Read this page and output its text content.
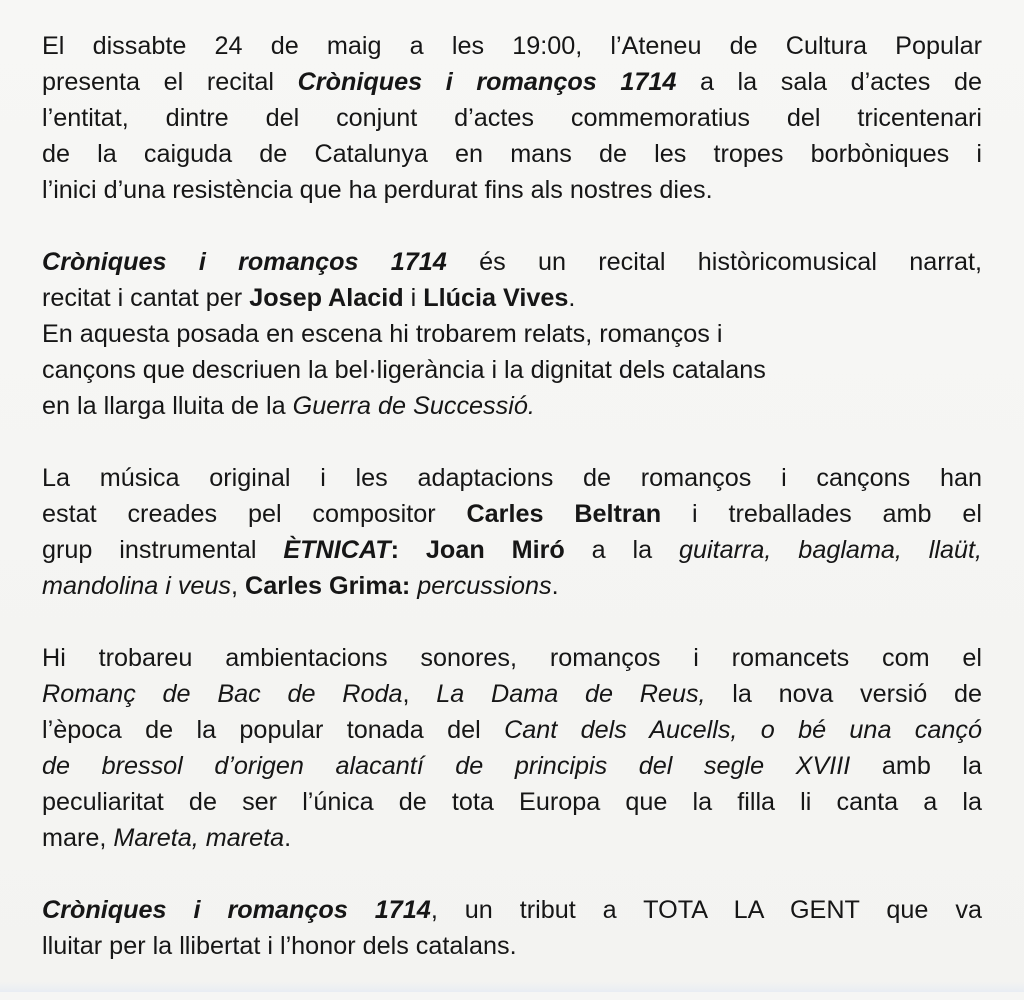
El dissabte 24 de maig a les 19:00, l’Ateneu de Cultura Popular
presenta el recital Cròniques i romanços 1714 a la sala d’actes de
l’entitat, dintre del conjunt d’actes commemoratius del tricentenari
de la caiguda de Catalunya en mans de les tropes borbòniques i
l’inici d’una resistència que ha perdurat fins als nostres dies.
Cròniques i romanços 1714 és un recital històricomusical narrat,
recitat i cantat per Josep Alacid i Llúcia Vives.
En aquesta posada en escena hi trobarem relats, romanços i
cançons que descriuen la bel·ligerància i la dignitat dels catalans
en la llarga lluita de la Guerra de Successió.
La música original i les adaptacions de romanços i cançons han
estat creades pel compositor Carles Beltran i treballades amb el
grup instrumental ÈTNICAT: Joan Miró a la guitarra, baglama, llaüt,
mandolina i veus, Carles Grima: percussions.
Hi trobareu ambientacions sonores, romanços i romancets com el
Romanç de Bac de Roda, La Dama de Reus, la nova versió de
l’època de la popular tonada del Cant dels Aucells, o bé una cançó
de bressol d’origen alacantí de principis del segle XVIII amb la
peculiaritat de ser l’única de tota Europa que la filla li canta a la
mare, Mareta, mareta.
Cròniques i romanços 1714, un tribut a TOTA LA GENT que va
lluitar per la llibertat i l’honor dels catalans.
